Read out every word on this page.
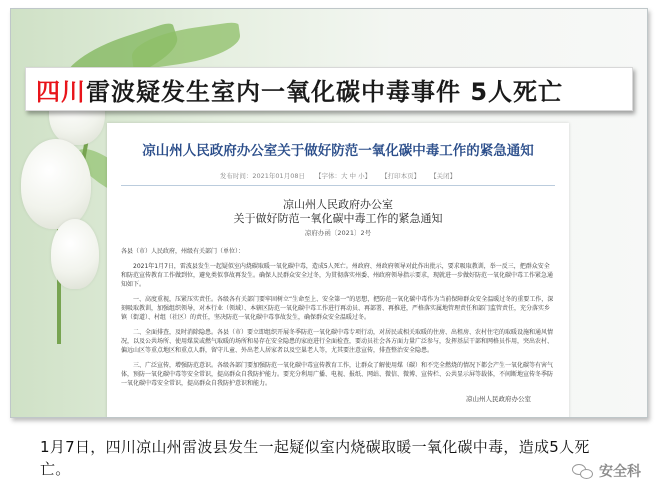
四川 雷波疑发生室内一氧化碳中毒事件 5人死亡
凉山州人民政府办公室关于做好防范一氧化碳中毒工作的紧急通知
发布时间：2021年01月08日 【字体：大 中 小】 【打印本页】 【关闭】
凉山州人民政府办公室
关于做好防范一氧化碳中毒工作的紧急通知
凉府办函〔2021〕2号

各县（市）人民政府，州级有关部门（单位）：

2021年1月7日，雷波县发生一起疑似室内烧碳取暖一氧化碳中毒，造成5人死亡。州政府、州政府领导对此作出批示，要求吸取教训，举一反三，把群众安全和防范宣传教育工作做到位，避免类似事故再发生。确保人民群众安全过冬，为贯彻落实州委、州政府领导指示要求，现就进一步做好防范一氧化碳中毒工作紧急通知如下。

一、高度重视，压紧压实责任。各级各有关部门要牢固树立“生命至上、安全第一”的思想，把防范一氧化碳中毒作为当前保障群众安全温暖过冬的重要工作，深刻吸取教训，加强组织领导，对本行业（领域）、本辖区防范一氧化碳中毒工作进行再动员、再部署、再推进，严格落实属地管理责任和部门监管责任，充分落实乡镇（街道）、村组（社区）的责任，坚决防范一氧化碳中毒事故发生，确保群众安全温暖过冬。

二、全面排查，及时消除隐患。各县（市）要立即组织开展冬季防范一氧化碳中毒专项行动，对居民或相关取暖的住房、出租房、农村住宅的取暖设施和通风情况，以及公共场所、使用煤炭或燃气取暖的场所和易存在安全隐患的家庭进行全面检查，要动员社会各方面力量广泛参与，发挥基层干部和网格员作用，突出农村、偏远山区等重点地区和重点人群，留守儿童、外出老人居家者以及空巢老人等，尤其要注意宣传，排查整治安全隐患。

三、广泛宣传，增强防范意识。各级各部门要加强防范一氧化碳中毒宣传教育工作，让群众了解使用煤（碳）和不完全燃烧的情况下都会产生一氧化碳等有害气体，预防一氧化碳中毒等安全常识，提高群众自我防护能力。要充分利用广播、电视、报纸、网站、微信、微博、宣传栏、公共显示屏等载体，不间断地宣传冬季防一氧化碳中毒安全常识，提高群众自我防护意识和能力。

凉山州人民政府办公室
1月7日，四川凉山州雷波县发生一起疑似室内烧碳取暖一氧化碳中毒，造成5人死亡。	安全科
